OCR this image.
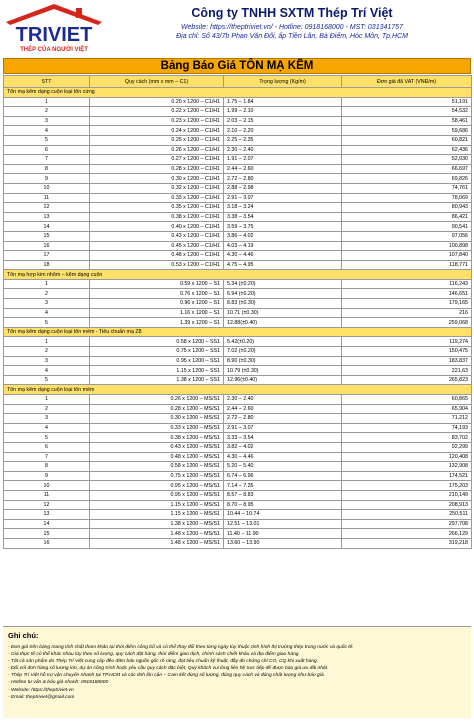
TRIVIET
THÉP CỦA NGƯỜI VIỆT
Công ty TNHH SXTM Thép Trí Việt
Website: https://theptriviet.vn/ - Hotline: 0918168000 - MST: 031341757
Địa chỉ: Số 43/7b Phan Văn Đối, ấp Tiền Lân, Bà Điểm, Hóc Môn, Tp.HCM
Bảng Báo Giá TÔN MẠ KẼM
STT	Quy cách (mm x mm – C1)	Trọng lượng (Kg/m)	Đơn giá đã VAT (VNĐ/m)
Tôn mạ kẽm dạng cuộn loại tôn cứng			
1	0.20 x 1200 – C1/H1	1.75 – 1.84	51,191
2	0.22 x 1200 – C1/H1	1.99 – 2.10	54,532
3	0.23 x 1200 – C1/H1	2.03 – 2.15	58,461
4	0.24 x 1200 – C1/H1	2.10 – 2.20	59,686
5	0.25 x 1200 – C1/H1	2.25 – 2.35	60,821
6	0.26 x 1200 – C1/H1	2.30 – 2.40	62,436
7	0.27 x 1200 – C1/H1	1.91 – 2.07	52,030
8	0.28 x 1200 – C1/H1	2.44 – 2.60	66,697
9	0.30 x 1200 – C1/H1	2.72 – 2.80	69,826
10	0.32 x 1200 – C1/H1	2.88 – 2.98	74,761
11	0.33 x 1200 – C1/H1	2.91 – 3.07	78,069
12	0.35 x 1200 – C1/H1	3.18 – 3.24	80,943
13	0.38 x 1200 – C1/H1	3.38 – 3.54	86,421
14	0.40 x 1200 – C1/H1	3.59 – 3.75	90,541
15	0.43 x 1200 – C1/H1	3.86 – 4.02	97,056
16	0.45 x 1200 – C1/H1	4.03 – 4.19	100,898
17	0.48 x 1200 – C1/H1	4.30 – 4.46	107,840
18	0.53 x 1200 – C1/H1	4.75 – 4.95	118,771
Tôn mạ hợp kim nhôm – kẽm dạng cuộn			
1	0.59 x 1200 – S1	5.34 (±0.20)	116,243
2	0.76 x 1200 – S1	6.94 (±0.20)	146,651
3	0.96 x 1200 – S1	8.83 (±0.30)	179,165
4	1.16 x 1200 – S1	10.71 (±0.30)	216
5	1.39 x 1200 – S1	12.88(±0.40)	259,068
Tôn mạ kẽm dạng cuộn loại tôn mềm - Tiêu chuẩn mạ Z8			
1	0.58 x 1200 – SS1	5.42(±0.20)	119,274
2	0.75 x 1200 – SS1	7.02 (±0.20)	150,475
3	0.95 x 1200 – SS1	8.90 (±0.30)	183,837
4	1.15 x 1200 – SS1	10.79 (±0.30)	221,63
5	1.38 x 1200 – SS1	12.96(±0.40)	265,823
Tôn mạ kẽm dạng cuộn loại tôn mềm			
1	0.26 x 1200 – MS/S1	2.30 – 2.40	60,865
2	0.28 x 1200 – MS/S1	2.44 – 2.60	65,904
3	0.30 x 1200 – MS/S1	2.72 – 2.80	71,212
4	0.33 x 1200 – MS/S1	2.91 – 3.07	74,193
5	0.38 x 1200 – MS/S1	3.33 – 3.54	83,702
6	0.43 x 1200 – MS/S1	3.82 – 4.02	92,299
7	0.48 x 1200 – MS/S1	4.30 – 4.46	120,408
8	0.58 x 1200 – MS/S1	5.20 – 5.40	132,908
9	0.75 x 1200 – MS/S1	6.74 – 6.96	174,521
10	0.95 x 1200 – MS/S1	7.14 – 7.35	175,203
11	0.95 x 1200 – MS/S1	8.57 – 8.83	210,149
12	1.15 x 1200 – MS/S1	8.70 – 8.95	208,913
13	1.15 x 1200 – MS/S1	10.44 – 10.74	250,511
14	1.38 x 1200 – MS/S1	12.51 – 13.01	297,708
15	1.48 x 1200 – MS/S1	11.40 – 11.90	266,129
16	1.48 x 1200 – MS/S1	13.60 – 13.90	319,218
Ghi chú:
- Đơn giá trên bảng mang tính chất tham khảo tại thời điểm công bố và có thể thay đổi theo từng ngày tùy thuộc tình hình thị trường thép trong nước và quốc tế.
- Giá thực tế có thể khác nhau tùy theo số lượng, quy cách đặt hàng, thời điểm giao dịch, chính sách chiết khấu và địa điểm giao hàng.
- Tất cả sản phẩm do Thép Trí Việt cung cấp đều đảm bảo nguồn gốc rõ ràng, đạt tiêu chuẩn kỹ thuật, đầy đủ chứng chỉ CO, CQ khi xuất hàng.
- Đối với đơn hàng số lượng lớn, dự án công trình hoặc yêu cầu quy cách đặc biệt, Quý khách vui lòng liên hệ trực tiếp để được báo giá ưu đãi nhất.
- Thép Trí Việt hỗ trợ vận chuyển nhanh tại TP.HCM và các tỉnh lân cận – Cam kết đúng số lượng, đúng quy cách và đúng chất lượng như báo giá.
- Hotline tư vấn & báo giá nhanh: 0918168000
- Website: https://theptriviet.vn
- Email: theptriviet@gmail.com
